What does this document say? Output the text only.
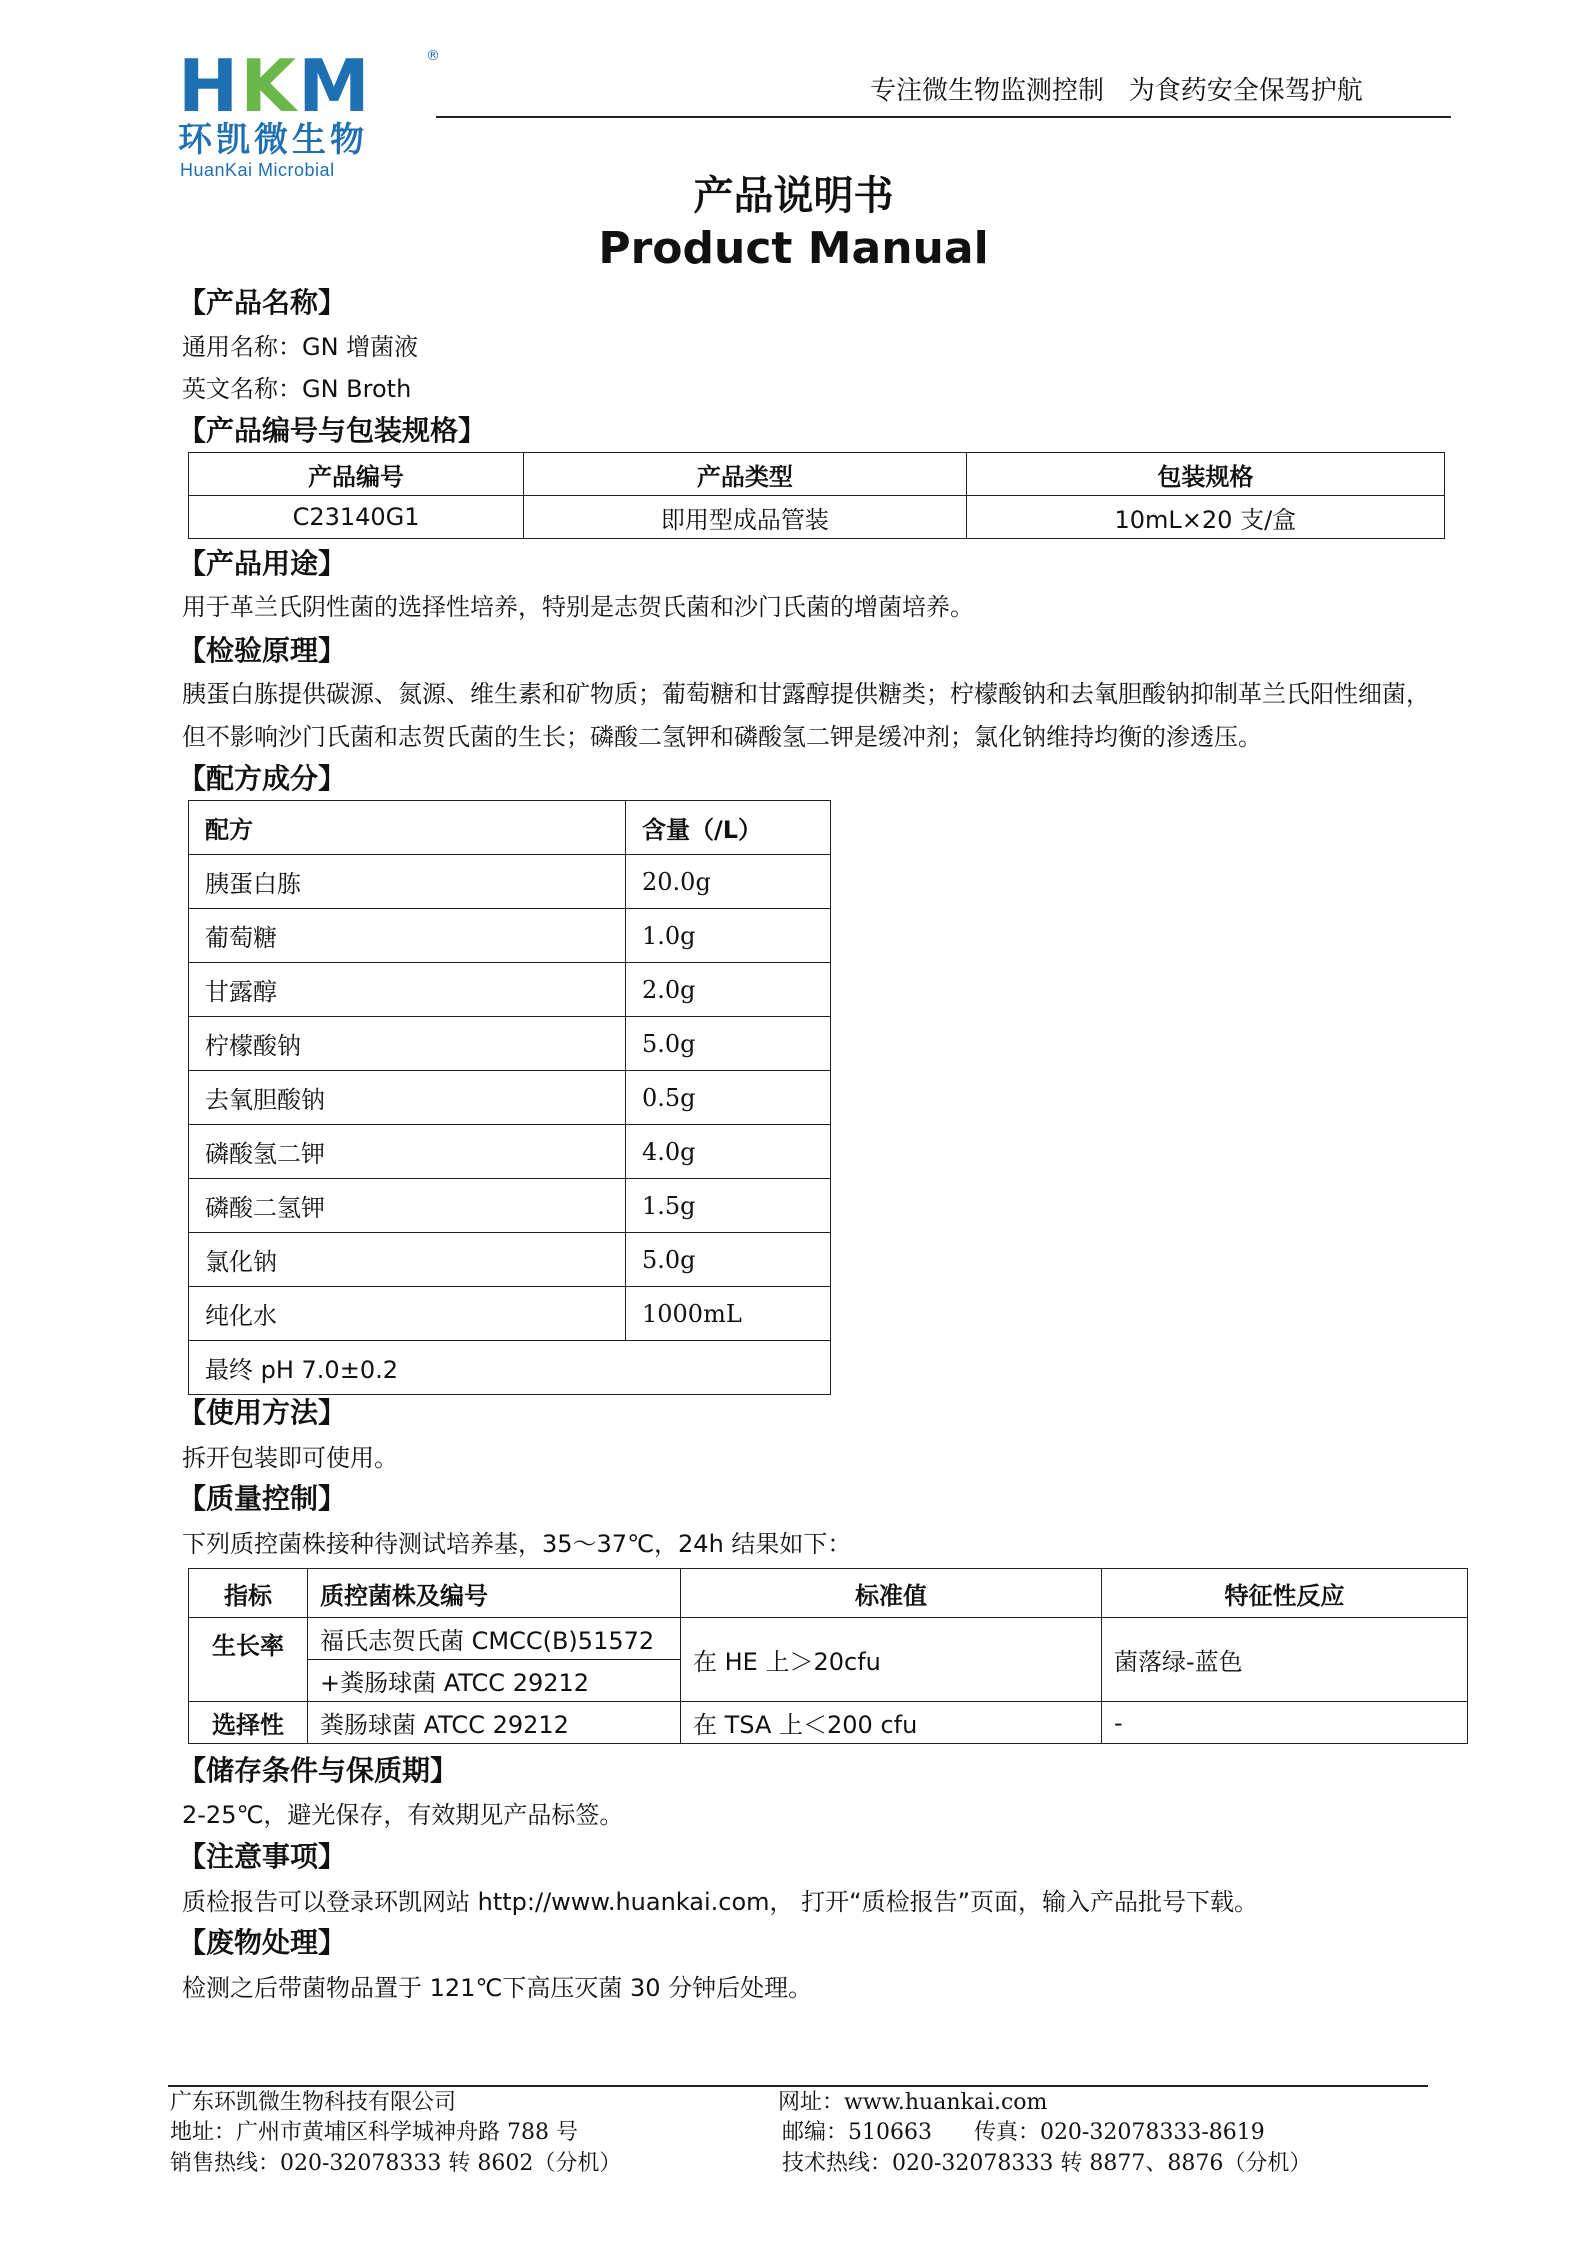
HKM	®
环凯微生物
HuanKai Microbial
专注微生物监测控制   为食药安全保驾护航
产品说明书
Product Manual
【产品名称】
通用名称：GN 增菌液
英文名称：GN Broth
【产品编号与包装规格】
产品编号	产品类型	包装规格
C23140G1	即用型成品管装	10mL×20 支/盒
【产品用途】
用于革兰氏阴性菌的选择性培养，特别是志贺氏菌和沙门氏菌的增菌培养。
【检验原理】
胰蛋白胨提供碳源、氮源、维生素和矿物质；葡萄糖和甘露醇提供糖类；柠檬酸钠和去氧胆酸钠抑制革兰氏阳性细菌，
但不影响沙门氏菌和志贺氏菌的生长；磷酸二氢钾和磷酸氢二钾是缓冲剂；氯化钠维持均衡的渗透压。
【配方成分】
配方	含量（/L）
胰蛋白胨	20.0g
葡萄糖	1.0g
甘露醇	2.0g
柠檬酸钠	5.0g
去氧胆酸钠	0.5g
磷酸氢二钾	4.0g
磷酸二氢钾	1.5g
氯化钠	5.0g
纯化水	1000mL
最终 pH 7.0±0.2	
【使用方法】
拆开包装即可使用。
【质量控制】
下列质控菌株接种待测试培养基，35～37℃，24h 结果如下：
指标	质控菌株及编号	标准值	特征性反应
生长率	福氏志贺氏菌 CMCC(B)51572	在 HE 上＞20cfu	菌落绿-蓝色
	+粪肠球菌 ATCC 29212		
选择性	粪肠球菌 ATCC 29212	在 TSA 上＜200 cfu	-
【储存条件与保质期】
2-25℃，避光保存，有效期见产品标签。
【注意事项】
质检报告可以登录环凯网站 http://www.huankai.com， 打开“质检报告”页面，输入产品批号下载。
【废物处理】
检测之后带菌物品置于 121℃下高压灭菌 30 分钟后处理。
广东环凯微生物科技有限公司
地址：广州市黄埔区科学城神舟路 788 号
销售热线：020-32078333 转 8602（分机）
网址：www.huankai.com
邮编：510663      传真：020-32078333-8619
技术热线：020-32078333 转 8877、8876（分机）
